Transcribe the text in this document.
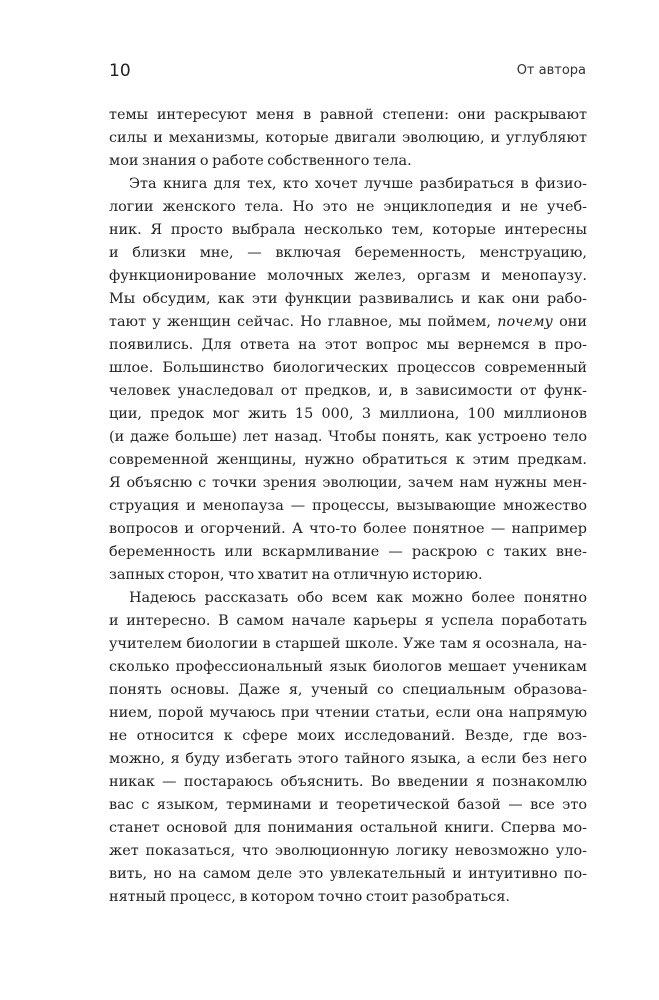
10	От автора
темы интересуют меня в равной степени: они раскрывают
силы и механизмы, которые двигали эволюцию, и углубляют
мои знания о работе собственного тела.
Эта книга для тех, кто хочет лучше разбираться в физио-
логии женского тела. Но это не энциклопедия и не учеб-
ник. Я просто выбрала несколько тем, которые интересны
и близки мне, — включая беременность, менструацию,
функционирование молочных желез, оргазм и менопаузу.
Мы обсудим, как эти функции развивались и как они рабо-
тают у женщин сейчас. Но главное, мы поймем, почему они
появились. Для ответа на этот вопрос мы вернемся в про-
шлое. Большинство биологических процессов современный
человек унаследовал от предков, и, в зависимости от функ-
ции, предок мог жить 15 000, 3 миллиона, 100 миллионов
(и даже больше) лет назад. Чтобы понять, как устроено тело
современной женщины, нужно обратиться к этим предкам.
Я объясню с точки зрения эволюции, зачем нам нужны мен-
струация и менопауза — процессы, вызывающие множество
вопросов и огорчений. А что-то более понятное — например
беременность или вскармливание — раскрою с таких вне-
запных сторон, что хватит на отличную историю.
Надеюсь рассказать обо всем как можно более понятно
и интересно. В самом начале карьеры я успела поработать
учителем биологии в старшей школе. Уже там я осознала, на-
сколько профессиональный язык биологов мешает ученикам
понять основы. Даже я, ученый со специальным образова-
нием, порой мучаюсь при чтении статьи, если она напрямую
не относится к сфере моих исследований. Везде, где воз-
можно, я буду избегать этого тайного языка, а если без него
никак — постараюсь объяснить. Во введении я познакомлю
вас с языком, терминами и теоретической базой — все это
станет основой для понимания остальной книги. Сперва мо-
жет показаться, что эволюционную логику невозможно уло-
вить, но на самом деле это увлекательный и интуитивно по-
нятный процесс, в котором точно стоит разобраться.
